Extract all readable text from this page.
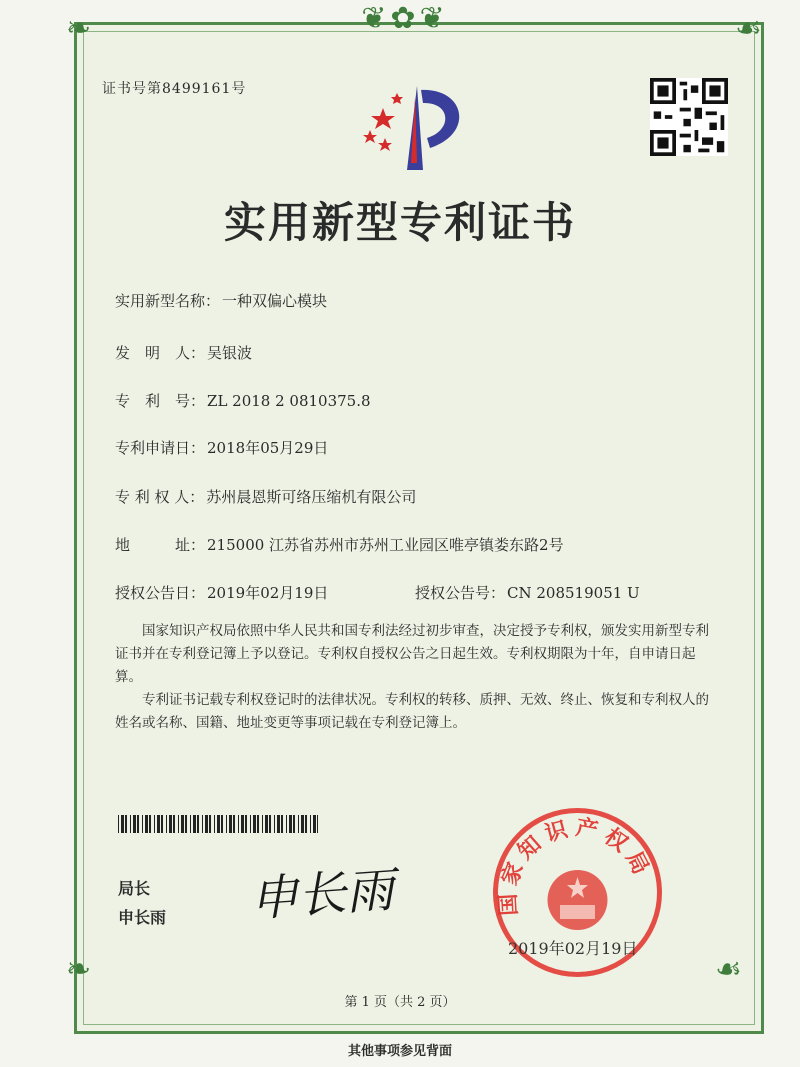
❦✿❦
❧	☙
❧	☙
证书号第8499161号
实用新型专利证书
实用新型名称： 一种双偏心模块
发　明　人： 吴银波
专　利　号： ZL 2018 2 0810375.8
专利申请日： 2018年05月29日
专 利 权 人： 苏州晨恩斯可络压缩机有限公司
地　　　址： 215000 江苏省苏州市苏州工业园区唯亭镇娄东路2号
授权公告日： 2019年02月19日	授权公告号： CN 208519051 U
国家知识产权局依照中华人民共和国专利法经过初步审查，决定授予专利权，颁发实用新型专利证书并在专利登记簿上予以登记。专利权自授权公告之日起生效。专利权期限为十年，自申请日起算。
专利证书记载专利权登记时的法律状况。专利权的转移、质押、无效、终止、恢复和专利权人的姓名或名称、国籍、地址变更等事项记载在专利登记簿上。
局长
申长雨 申长雨	国家知识产权局
2019年02月19日
第 1 页（共 2 页）
其他事项参见背面
